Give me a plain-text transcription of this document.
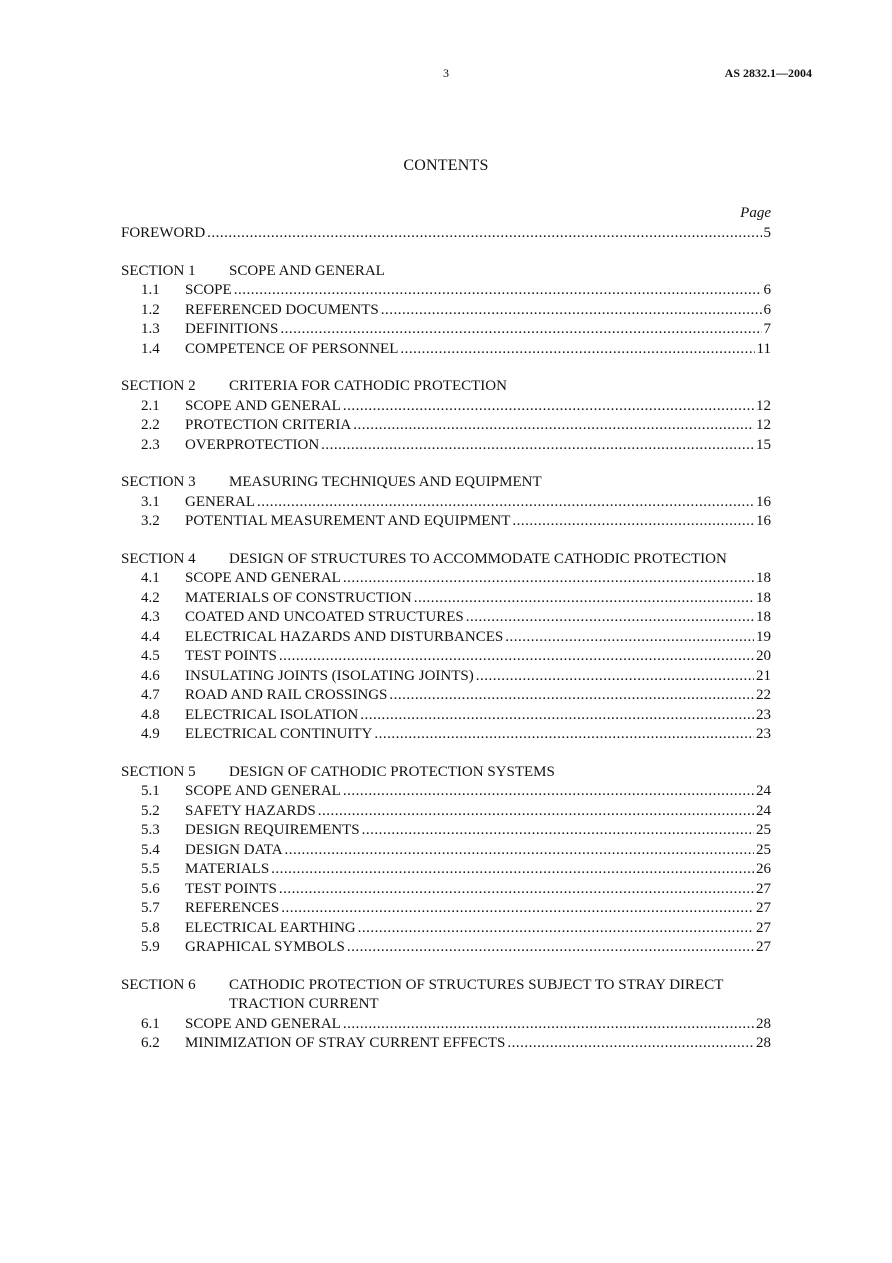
3	AS 2832.1—2004
CONTENTS
Page
FOREWORD .....	5
SECTION 1	SCOPE AND GENERAL
1.1	SCOPE .....	6
1.2	REFERENCED DOCUMENTS .....	6
1.3	DEFINITIONS .....	7
1.4	COMPETENCE OF PERSONNEL .....	11
SECTION 2	CRITERIA FOR CATHODIC PROTECTION
2.1	SCOPE AND GENERAL .....	12
2.2	PROTECTION CRITERIA .....	12
2.3	OVERPROTECTION .....	15
SECTION 3	MEASURING TECHNIQUES AND EQUIPMENT
3.1	GENERAL .....	16
3.2	POTENTIAL MEASUREMENT AND EQUIPMENT .....	16
SECTION 4	DESIGN OF STRUCTURES TO ACCOMMODATE CATHODIC PROTECTION
4.1	SCOPE AND GENERAL .....	18
4.2	MATERIALS OF CONSTRUCTION .....	18
4.3	COATED AND UNCOATED STRUCTURES .....	18
4.4	ELECTRICAL HAZARDS AND DISTURBANCES .....	19
4.5	TEST POINTS .....	20
4.6	INSULATING JOINTS (ISOLATING JOINTS) .....	21
4.7	ROAD AND RAIL CROSSINGS .....	22
4.8	ELECTRICAL ISOLATION .....	23
4.9	ELECTRICAL CONTINUITY .....	23
SECTION 5	DESIGN OF CATHODIC PROTECTION SYSTEMS
5.1	SCOPE AND GENERAL .....	24
5.2	SAFETY HAZARDS .....	24
5.3	DESIGN REQUIREMENTS .....	25
5.4	DESIGN DATA .....	25
5.5	MATERIALS .....	26
5.6	TEST POINTS .....	27
5.7	REFERENCES .....	27
5.8	ELECTRICAL EARTHING .....	27
5.9	GRAPHICAL SYMBOLS .....	27
SECTION 6	CATHODIC PROTECTION OF STRUCTURES SUBJECT TO STRAY DIRECT TRACTION CURRENT
6.1	SCOPE AND GENERAL .....	28
6.2	MINIMIZATION OF STRAY CURRENT EFFECTS .....	28
